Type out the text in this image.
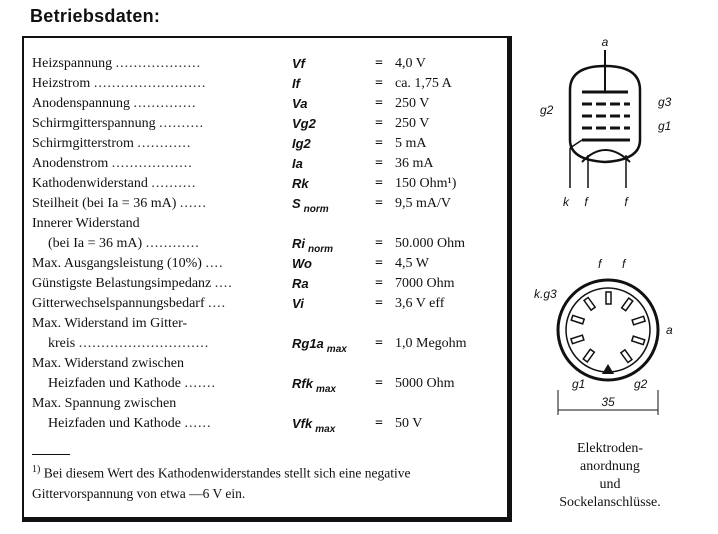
Betriebsdaten:
Heizspannung ...................	Vf	= 4,0 V
Heizstrom .........................	If	= ca. 1,75 A
Anodenspannung ..............	Va	= 250 V
Schirmgitterspannung ..........	Vg2	= 250 V
Schirmgitterstrom ............	Ig2	= 5 mA
Anodenstrom ..................	Ia	= 36 mA
Kathodenwiderstand ..........	Rk	= 150 Ohm¹)
Steilheit (bei Ia = 36 mA) ......	S $_{norm}$	= 9,5 mA/V
Innerer Widerstand
(bei Ia = 36 mA) ............	Ri $_{norm}$	= 50.000 Ohm
Max. Ausgangsleistung (10%) ....	Wo	= 4,5 W
Günstigste Belastungsimpedanz ....	Ra	= 7000 Ohm
Gitterwechselspannungsbedarf ....	Vi	= 3,6 V eff
Max. Widerstand im Gitter-
kreis .............................	Rg1a $_{max}$ = 1,0 Megohm
Max. Widerstand zwischen
Heizfaden und Kathode .......	Rfk $_{max}$	= 5000 Ohm
Max. Spannung zwischen
Heizfaden und Kathode ......	Vfk $_{max}$	= 50 V
$^{1)}$ Bei diesem Wert des Kathodenwiderstandes stellt sich eine negative Gittervorspannung von etwa —6 V ein.
a
g3
g2
g1
k f	f
f f
k.g3
a
g1	g2
35
Elektroden-
anordnung
und
Sockelanschlüsse.
